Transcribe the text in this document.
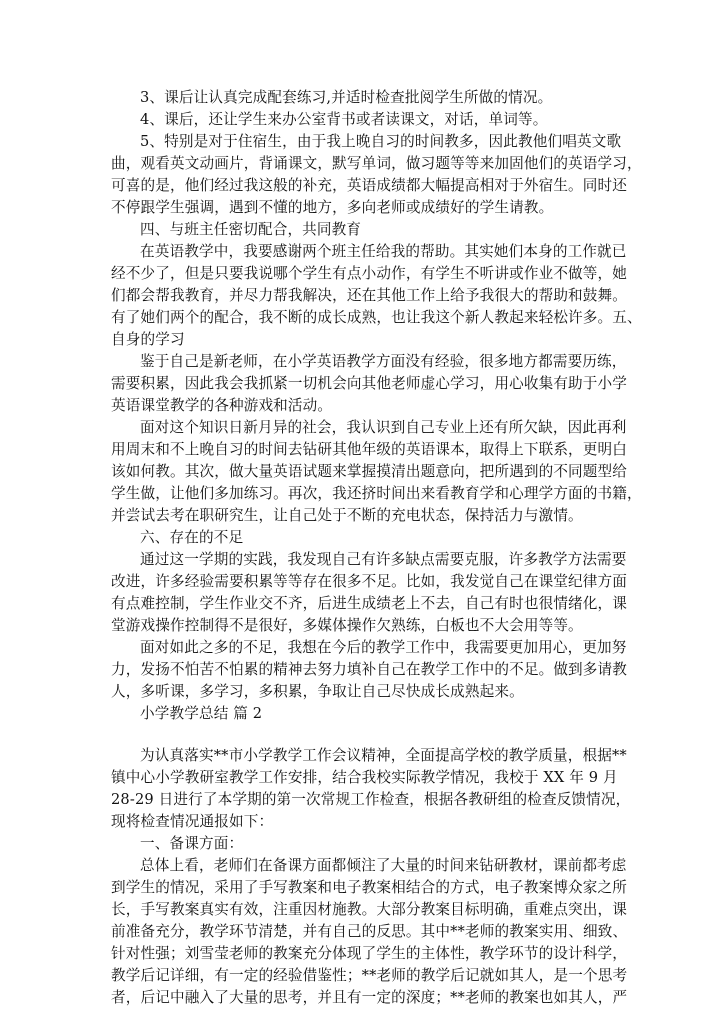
3、课后让认真完成配套练习,并适时检查批阅学生所做的情况。
4、课后，还让学生来办公室背书或者读课文，对话，单词等。
5、特别是对于住宿生，由于我上晚自习的时间教多，因此教他们唱英文歌
曲，观看英文动画片，背诵课文，默写单词，做习题等等来加固他们的英语学习，
可喜的是，他们经过我这般的补充，英语成绩都大幅提高相对于外宿生。同时还
不停跟学生强调，遇到不懂的地方，多向老师或成绩好的学生请教。
四、与班主任密切配合，共同教育
在英语教学中，我要感谢两个班主任给我的帮助。其实她们本身的工作就已
经不少了，但是只要我说哪个学生有点小动作，有学生不听讲或作业不做等，她
们都会帮我教育，并尽力帮我解决，还在其他工作上给予我很大的帮助和鼓舞。
有了她们两个的配合，我不断的成长成熟，也让我这个新人教起来轻松许多。五、
自身的学习
鉴于自己是新老师，在小学英语教学方面没有经验，很多地方都需要历练，
需要积累，因此我会我抓紧一切机会向其他老师虚心学习，用心收集有助于小学
英语课堂教学的各种游戏和活动。
面对这个知识日新月异的社会，我认识到自己专业上还有所欠缺，因此再利
用周末和不上晚自习的时间去钻研其他年级的英语课本，取得上下联系，更明白
该如何教。其次，做大量英语试题来掌握摸清出题意向，把所遇到的不同题型给
学生做，让他们多加练习。再次，我还挤时间出来看教育学和心理学方面的书籍，
并尝试去考在职研究生，让自己处于不断的充电状态，保持活力与激情。
六、存在的不足
通过这一学期的实践，我发现自己有许多缺点需要克服，许多教学方法需要
改进，许多经验需要积累等等存在很多不足。比如，我发觉自己在课堂纪律方面
有点难控制，学生作业交不齐，后进生成绩老上不去，自己有时也很情绪化，课
堂游戏操作控制得不是很好，多媒体操作欠熟练，白板也不大会用等等。
面对如此之多的不足，我想在今后的教学工作中，我需要更加用心，更加努
力，发扬不怕苦不怕累的精神去努力填补自己在教学工作中的不足。做到多请教
人，多听课，多学习，多积累，争取让自己尽快成长成熟起来。
小学教学总结 篇 2
为认真落实**市小学教学工作会议精神，全面提高学校的教学质量，根据**
镇中心小学教研室教学工作安排，结合我校实际教学情况，我校于 XX 年 9 月
28-29 日进行了本学期的第一次常规工作检查，根据各教研组的检查反馈情况，
现将检查情况通报如下：
一、备课方面：
总体上看，老师们在备课方面都倾注了大量的时间来钻研教材，课前都考虑
到学生的情况，采用了手写教案和电子教案相结合的方式，电子教案博众家之所
长，手写教案真实有效，注重因材施教。大部分教案目标明确，重难点突出，课
前准备充分，教学环节清楚，并有自己的反思。其中**老师的教案实用、细致、
针对性强；刘雪莹老师的教案充分体现了学生的主体性，教学环节的设计科学，
教学后记详细，有一定的经验借鉴性；**老师的教学后记就如其人，是一个思考
者，后记中融入了大量的思考，并且有一定的深度；**老师的教案也如其人，严
